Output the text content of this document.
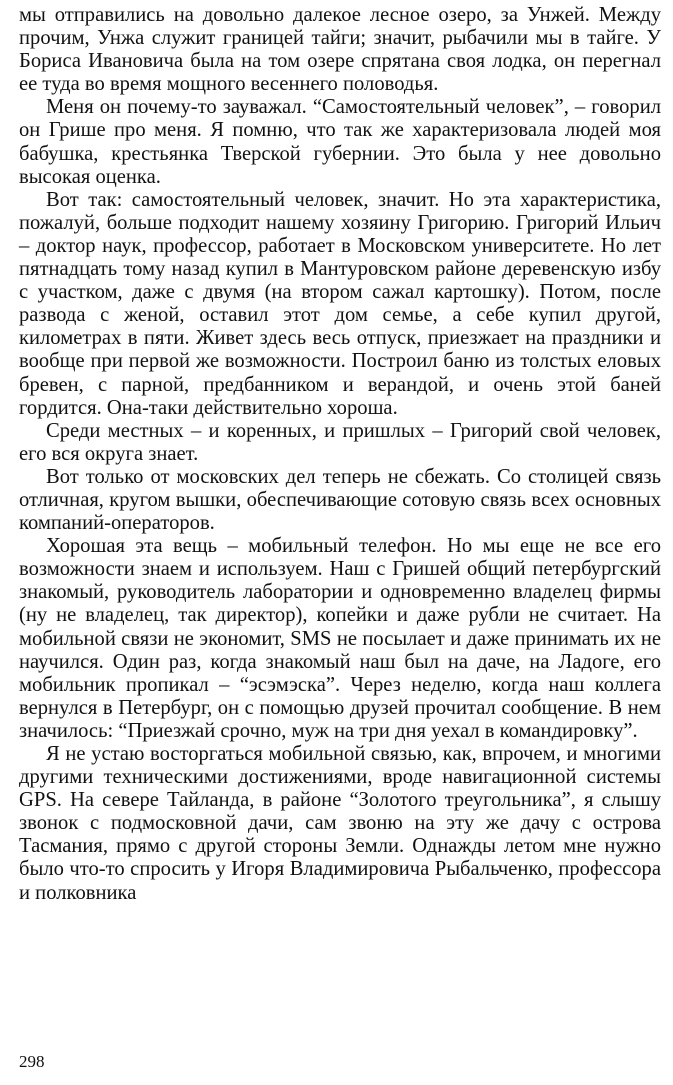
мы отправились на довольно далекое лесное озеро, за Унжей. Между прочим, Унжа служит границей тайги; значит, рыбачили мы в тайге. У Бориса Ивановича была на том озере спрятана своя лодка, он перегнал ее туда во время мощного весеннего половодья.

Меня он почему-то зауважал. “Самостоятельный человек”, – говорил он Грише про меня. Я помню, что так же характеризовала людей моя бабушка, крестьянка Тверской губернии. Это была у нее довольно высокая оценка.

Вот так: самостоятельный человек, значит. Но эта характеристика, пожалуй, больше подходит нашему хозяину Григорию. Григорий Ильич – доктор наук, профессор, работает в Московском университете. Но лет пятнадцать тому назад купил в Мантуровском районе деревенскую избу с участком, даже с двумя (на втором сажал картошку). Потом, после развода с женой, оставил этот дом семье, а себе купил другой, километрах в пяти. Живет здесь весь отпуск, приезжает на праздники и вообще при первой же возможности. Построил баню из толстых еловых бревен, с парной, предбанником и верандой, и очень этой баней гордится. Она-таки действительно хороша.

Среди местных – и коренных, и пришлых – Григорий свой человек, его вся округа знает.

Вот только от московских дел теперь не сбежать. Со столицей связь отличная, кругом вышки, обеспечивающие сотовую связь всех основных компаний-операторов.

Хорошая эта вещь – мобильный телефон. Но мы еще не все его возможности знаем и используем. Наш с Гришей общий петербургский знакомый, руководитель лаборатории и одновременно владелец фирмы (ну не владелец, так директор), копейки и даже рубли не считает. На мобильной связи не экономит, SMS не посылает и даже принимать их не научился. Один раз, когда знакомый наш был на даче, на Ладоге, его мобильник пропикал – “эсэмэска”. Через неделю, когда наш коллега вернулся в Петербург, он с помощью друзей прочитал сообщение. В нем значилось: “Приезжай срочно, муж на три дня уехал в командировку”.

Я не устаю восторгаться мобильной связью, как, впрочем, и многими другими техническими достижениями, вроде навигационной системы GPS. На севере Тайланда, в районе “Золотого треугольника”, я слышу звонок с подмосковной дачи, сам звоню на эту же дачу с острова Тасмания, прямо с другой стороны Земли. Однажды летом мне нужно было что-то спросить у Игоря Владимировича Рыбальченко, профессора и полковника

298
